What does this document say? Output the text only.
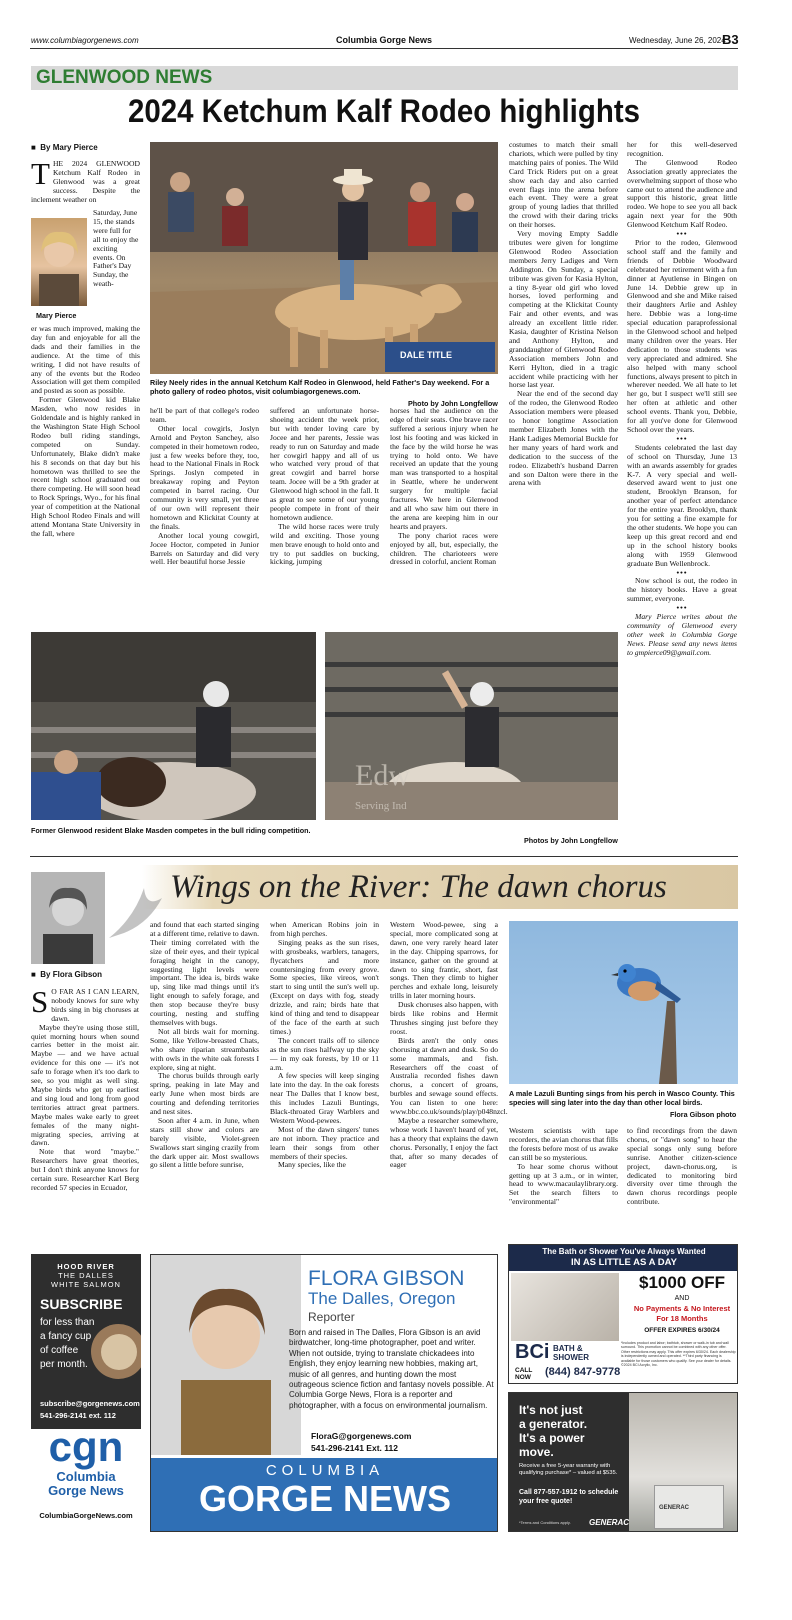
www.columbiagorgenews.com	Columbia Gorge News	Wednesday, June 26, 2024
B3
GLENWOOD NEWS
2024 Ketchum Kalf Rodeo highlights
■  By Mary Pierce
THE 2024 GLENWOOD Ketchum Kalf Rodeo in Glenwood was a great success. Despite the inclement weather on
Mary Pierce
Saturday, June 15, the stands were full for all to enjoy the exciting events. On Father's Day Sunday, the weath-

er was much improved, making the day fun and enjoyable for all the dads and their families in the audience. At the time of this writing, I did not have results of any of the events but the Rodeo Association will get them compiled and posted as soon as possible.

Former Glenwood kid Blake Masden, who now resides in Goldendale and is highly ranked in the Washington State High School Rodeo bull riding standings, competed on Sunday. Unfortunately, Blake didn't make his 8 seconds on that day but his hometown was thrilled to see the recent high school graduated out there competing. He will soon head to Rock Springs, Wyo., for his final year of competition at the National High School Rodeo Finals and will attend Montana State University in the fall, where

DALE TITLE
Riley Neely rides in the annual Ketchum Kalf Rodeo in Glenwood, held Father's Day weekend. For a photo gallery of rodeo photos, visit columbiagorgenews.com.
Photo by John Longfellow

he'll be part of that college's rodeo team.

Other local cowgirls, Joslyn Arnold and Peyton Sanchey, also competed in their hometown rodeo, just a few weeks before they, too, head to the National Finals in Rock Springs. Joslyn competed in breakaway roping and Peyton competed in barrel racing. Our community is very small, yet three of our own will represent their hometown and Klickitat County at the finals.

Another local young cowgirl, Jocee Hoctor, competed in Junior Barrels on Saturday and did very well. Her beautiful horse Jessie

suffered an unfortunate horse-shoeing accident the week prior, but with tender loving care by Jocee and her parents, Jessie was ready to run on Saturday and made her cowgirl happy and all of us who watched very proud of that great cowgirl and barrel horse team. Jocee will be a 9th grader at Glenwood high school in the fall. It as great to see some of our young people compete in front of their hometown audience.

The wild horse races were truly wild and exciting. Those young men brave enough to hold onto and try to put saddles on bucking, kicking, jumping

horses had the audience on the edge of their seats. One brave racer suffered a serious injury when he lost his footing and was kicked in the face by the wild horse he was trying to hold onto. We have received an update that the young man was transported to a hospital in Seattle, where he underwent surgery for multiple facial fractures. We here in Glenwood and all who saw him out there in the arena are keeping him in our hearts and prayers.

The pony chariot races were enjoyed by all, but, especially, the children. The charioteers were dressed in colorful, ancient Roman

costumes to match their small chariots, which were pulled by tiny matching pairs of ponies. The Wild Card Trick Riders put on a great show each day and also carried event flags into the arena before each event. They were a great group of young ladies that thrilled the crowd with their daring tricks on their horses.

Very moving Empty Saddle tributes were given for longtime Glenwood Rodeo Association members Jerry Ladiges and Vern Addington. On Sunday, a special tribute was given for Kasia Hylton, a tiny 8-year old girl who loved horses, loved performing and competing at the Klickitat County Fair and other events, and was already an excellent little rider. Kasia, daughter of Kristina Nelson and Anthony Hylton, and granddaughter of Glenwood Rodeo Association members John and Kerri Hylton, died in a tragic accident while practicing with her horse last year.

Near the end of the second day of the rodeo, the Glenwood Rodeo Association members were pleased to honor longtime Association member Elizabeth Jones with the Hank Ladiges Memorial Buckle for her many years of hard work and dedication to the success of the rodeo. Elizabeth's husband Darren and son Dalton were there in the arena with

her for this well-deserved recognition.

The Glenwood Rodeo Association greatly appreciates the overwhelming support of those who came out to attend the audience and support this historic, great little rodeo. We hope to see you all back again next year for the 90th Glenwood Ketchum Kalf Rodeo.

•••

Prior to the rodeo, Glenwood school staff and the family and friends of Debbie Woodward celebrated her retirement with a fun dinner at Ayutlense in Bingen on June 14. Debbie grew up in Glenwood and she and Mike raised their daughters Arlie and Ashley here. Debbie was a long-time special education paraprofessional in the Glenwood school and helped many children over the years. Her dedication to those students was very appreciated and admired. She also helped with many school functions, always present to pitch in wherever needed. We all hate to let her go, but I suspect we'll still see her often at athletic and other school events. Thank you, Debbie, for all you've done for Glenwood School over the years.

•••

Students celebrated the last day of school on Thursday, June 13 with an awards assembly for grades K-7. A very special and well-deserved award went to just one student, Brooklyn Branson, for another year of perfect attendance for the entire year. Brooklyn, thank you for setting a fine example for the other students. We hope you can keep up this great record and end up in the school history books along with 1959 Glenwood graduate Bun Wellenbrock.

•••

Now school is out, the rodeo in the history books. Have a great summer, everyone.

•••

Mary Pierce writes about the community of Glenwood every other week in Columbia Gorge News. Please send any news items to gmpierce09@gmail.com.

Edw
Serving Ind
Former Glenwood resident Blake Masden competes in the bull riding competition.
Photos by John Longfellow
Wings on the River: The dawn chorus
■  By Flora Gibson

S O FAR AS I CAN LEARN, nobody knows for sure why birds sing in big choruses at dawn.

Maybe they're using those still, quiet morning hours when sound carries better in the moist air. Maybe — and we have actual evidence for this one — it's not safe to forage when it's too dark to see, so you might as well sing. Maybe birds who get up earliest and sing loud and long from good territories attract great partners. Maybe males wake early to greet females of the many night-migrating species, arriving at dawn.

Note that word "maybe." Researchers have great theories, but I don't think anyone knows for certain sure. Researcher Karl Berg recorded 57 species in Ecuador,

and found that each started singing at a different time, relative to dawn. Their timing correlated with the size of their eyes, and their typical foraging height in the canopy, suggesting light levels were important. The idea is, birds wake up, sing like mad things until it's light enough to safely forage, and then stop because they're busy courting, nesting and stuffing themselves with bugs.

Not all birds wait for morning. Some, like Yellow-breasted Chats, who share riparian streambanks with owls in the white oak forests I explore, sing at night.

The chorus builds through early spring, peaking in late May and early June when most birds are courting and defending territories and nest sites.

Soon after 4 a.m. in June, when stars still show and colors are barely visible, Violet-green Swallows start singing crazily from the dark upper air. Most swallows go silent a little before sunrise,

when American Robins join in from high perches.

Singing peaks as the sun rises, with grosbeaks, warblers, tanagers, flycatchers and more countersinging from every grove. Some species, like vireos, won't start to sing until the sun's well up. (Except on days with fog, steady drizzle, and rain; birds hate that kind of thing and tend to disappear of the face of the earth at such times.)

The concert trails off to silence as the sun rises halfway up the sky — in my oak forests, by 10 or 11 a.m.

A few species will keep singing late into the day. In the oak forests near The Dalles that I know best, this includes Lazuli Buntings, Black-throated Gray Warblers and Western Wood-pewees.

Most of the dawn singers' tunes are not inborn. They practice and learn their songs from other members of their species.

Many species, like the

Western Wood-pewee, sing a special, more complicated song at dawn, one very rarely heard later in the day. Chipping sparrows, for instance, gather on the ground at dawn to sing frantic, short, fast songs. Then they climb to higher perches and exhale long, leisurely trills in later morning hours.

Dusk choruses also happen, with birds like robins and Hermit Thrushes singing just before they roost.

Birds aren't the only ones chorusing at dawn and dusk. So do some mammals, and fish. Researchers off the coast of Australia recorded fishes dawn chorus, a concert of groans, burbles and sewage sound effects. You can listen to one here: www.bbc.co.uk/sounds/play/p048nzcl.

Maybe a researcher somewhere, whose work I haven't heard of yet, has a theory that explains the dawn chorus. Personally, I enjoy the fact that, after so many decades of eager

A male Lazuli Bunting sings from his perch in Wasco County. This species will sing later into the day than other local birds.
Flora Gibson photo

Western scientists with tape recorders, the avian chorus that fills the forests before most of us awake can still be so mysterious.

To hear some chorus without getting up at 3 a.m., or in winter, head to www.macaulaylibrary.org. Set the search filters to "environmental"

to find recordings from the dawn chorus, or "dawn song" to hear the special songs only sung before sunrise. Another citizen-science project, dawn-chorus.org, is dedicated to monitoring bird diversity over time through the dawn chorus recordings people contribute.

HOOD RIVER
THE DALLES
WHITE SALMON
SUBSCRIBE
for less than
a fancy cup
of coffee
per month.
subscribe@gorgenews.com
541-296-2141 ext. 112
cgn
Columbia
Gorge News
ColumbiaGorgeNews.com
FLORA GIBSON
The Dalles, Oregon
Reporter
Born and raised in The Dalles, Flora Gibson is an avid birdwatcher, long-time photographer, poet and writer. When not outside, trying to translate chickadees into English, they enjoy learning new hobbies, making art, music of all genres, and hunting down the most outrageous science fiction and fantasy novels possible. At Columbia Gorge News, Flora is a reporter and photographer, with a focus on environmental journalism.
FloraG@gorgenews.com
541-296-2141 Ext. 112
COLUMBIA
GORGE NEWS
The Bath or Shower You've Always Wanted
IN AS LITTLE AS A DAY
$1000 OFF
AND
No Payments & No Interest
For 18 Months
OFFER EXPIRES 6/30/24
BCi BATH &
SHOWER
CALL NOW	(844) 847-9778
*Includes product and labor; bathtub, shower or walk-in tub and wall surround. This promotion cannot be combined with any other offer. Other restrictions may apply. This offer expires 6/30/24. Each dealership is independently owned and operated. **Third party financing is available for those customers who qualify. See your dealer for details. ©2024 BCI Acrylic, Inc.
GENERAC
It's not just
a generator.
It's a power
move.
Receive a free 5-year warranty with qualifying purchase* – valued at $535.
Call 877-557-1912 to schedule your free quote!
*Terms and Conditions apply. GENERAC
